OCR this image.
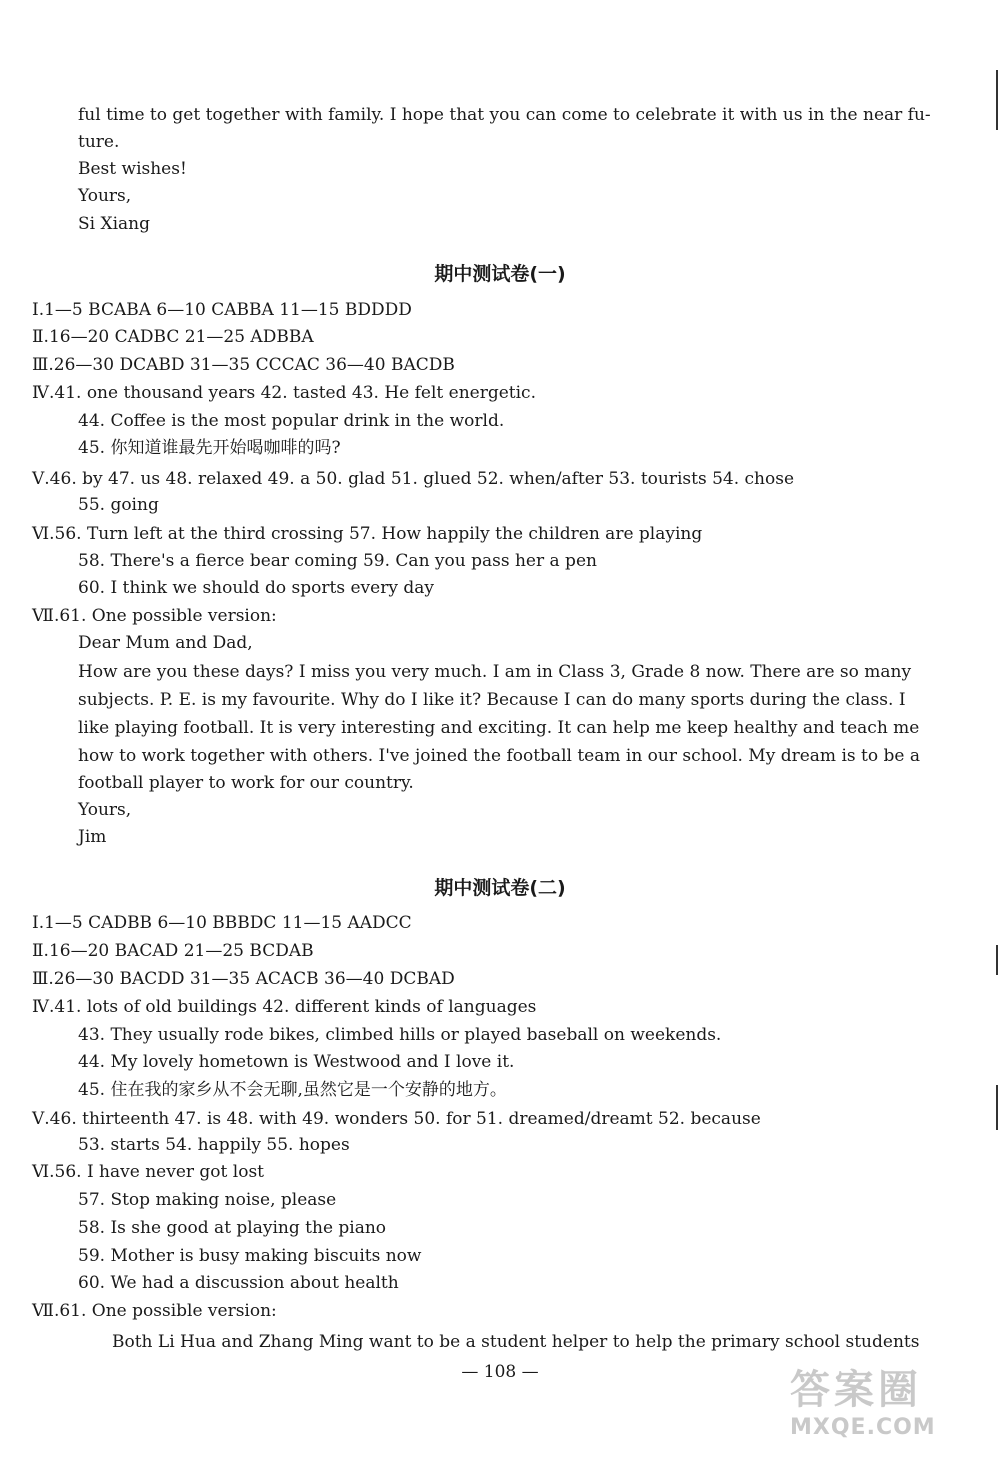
ful time to get together with family. I hope that you can come to celebrate it with us in the near fu-
ture.
Best wishes!
Yours,
Si Xiang
期中测试卷(一)
Ⅰ.1—5 BCABA 6—10 CABBA 11—15 BDDDD
Ⅱ.16—20 CADBC 21—25 ADBBA
Ⅲ.26—30 DCABD 31—35 CCCAC 36—40 BACDB
Ⅳ.41. one thousand years 42. tasted 43. He felt energetic.
44. Coffee is the most popular drink in the world.
45. 你知道谁最先开始喝咖啡的吗?
Ⅴ.46. by 47. us 48. relaxed 49. a 50. glad 51. glued 52. when/after 53. tourists 54. chose
55. going
Ⅵ.56. Turn left at the third crossing 57. How happily the children are playing
58. There's a fierce bear coming 59. Can you pass her a pen
60. I think we should do sports every day
Ⅶ.61. One possible version:
Dear Mum and Dad,
How are you these days? I miss you very much. I am in Class 3, Grade 8 now. There are so many
subjects. P. E. is my favourite. Why do I like it? Because I can do many sports during the class. I
like playing football. It is very interesting and exciting. It can help me keep healthy and teach me
how to work together with others. I've joined the football team in our school. My dream is to be a
football player to work for our country.
Yours,
Jim
期中测试卷(二)
Ⅰ.1—5 CADBB 6—10 BBBDC 11—15 AADCC
Ⅱ.16—20 BACAD 21—25 BCDAB
Ⅲ.26—30 BACDD 31—35 ACACB 36—40 DCBAD
Ⅳ.41. lots of old buildings 42. different kinds of languages
43. They usually rode bikes, climbed hills or played baseball on weekends.
44. My lovely hometown is Westwood and I love it.
45. 住在我的家乡从不会无聊,虽然它是一个安静的地方。
Ⅴ.46. thirteenth 47. is 48. with 49. wonders 50. for 51. dreamed/dreamt 52. because
53. starts 54. happily 55. hopes
Ⅵ.56. I have never got lost
57. Stop making noise, please
58. Is she good at playing the piano
59. Mother is busy making biscuits now
60. We had a discussion about health
Ⅶ.61. One possible version:
Both Li Hua and Zhang Ming want to be a student helper to help the primary school students
— 108 —	答案圈
MXQE.COM
